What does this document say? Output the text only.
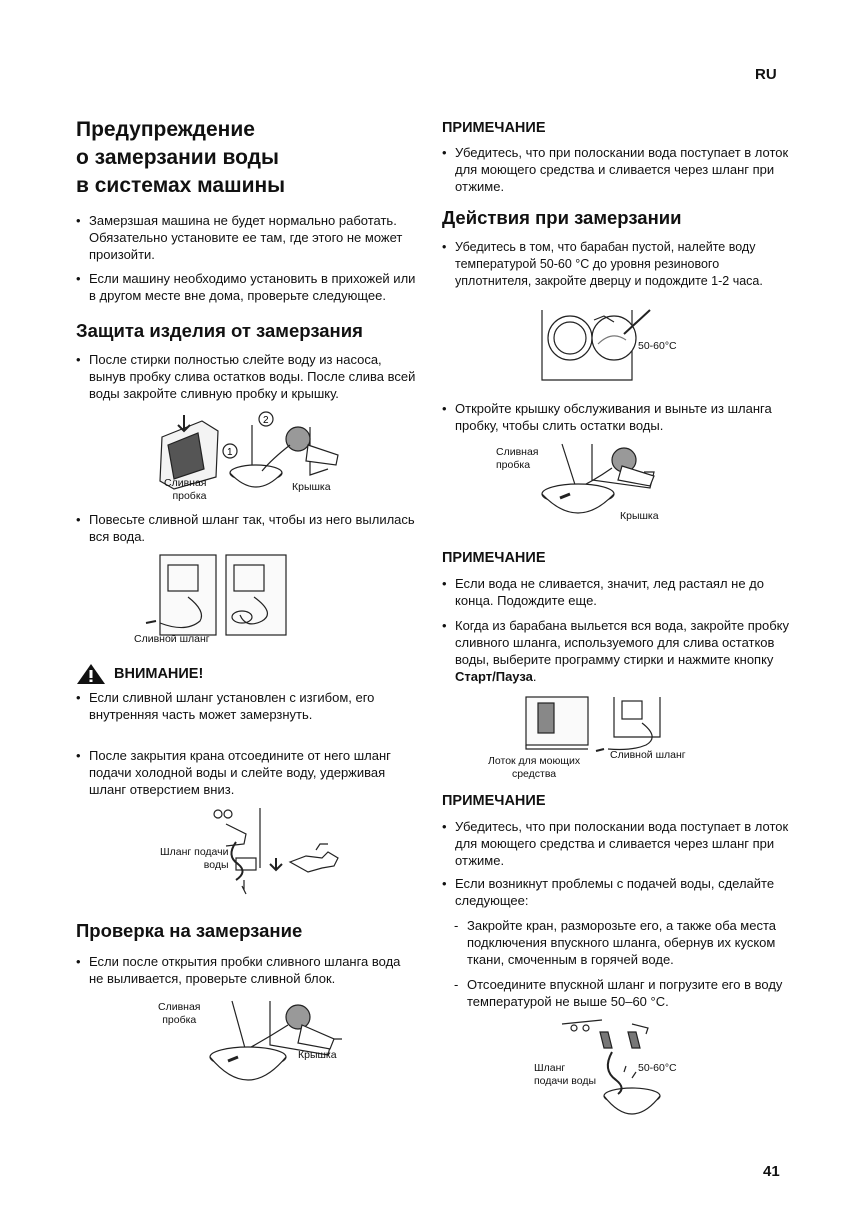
RU
Предупреждение
о замерзании воды
в системах машины

• Замерзшая машина не будет нормально работать. Обязательно установите ее там, где этого не может произойти.

• Если машину необходимо установить в прихожей или в другом месте вне дома, проверьте следующее.

Защита изделия от замерзания

• После стирки полностью слейте воду из насоса, вынув пробку слива остатков воды. После слива всей воды закройте сливную пробку и крышку.

1
2
Сливная
пробка
Крышка

• Повесьте сливной шланг так, чтобы из него вылилась вся вода.

Сливной шланг
ВНИМАНИЕ!

• Если сливной шланг установлен с изгибом, его внутренняя часть может замерзнуть.

• После закрытия крана отсоедините от него шланг подачи холодной воды и слейте воду, удерживая шланг отверстием вниз.

Шланг подачи
воды
Проверка на замерзание

• Если после открытия пробки сливного шланга вода не выливается, проверьте сливной блок.

Сливная
пробка
Крышка
ПРИМЕЧАНИЕ

• Убедитесь, что при полоскании вода поступает в лоток для моющего средства и сливается через шланг при отжиме.

Действия при замерзании

• Убедитесь в том, что барабан пустой, налейте воду температурой 50-60 °C до уровня резинового уплотнителя, закройте дверцу и подождите 1-2 часа.

50-60°C

• Откройте крышку обслуживания и выньте из шланга пробку, чтобы слить остатки воды.

Сливная
пробка
Крышка
ПРИМЕЧАНИЕ

• Если вода не сливается, значит, лед растаял не до конца. Подождите еще.

• Когда из барабана выльется вся вода, закройте пробку сливного шланга, используемого для слива остатков воды, выберите программу стирки и нажмите кнопку Старт/Пауза.

Лоток для моющих
средства
Сливной шланг
ПРИМЕЧАНИЕ

• Убедитесь, что при полоскании вода поступает в лоток для моющего средства и сливается через шланг при отжиме.

• Если возникнут проблемы с подачей воды, сделайте следующее:

- Закройте кран, разморозьте его, а также оба места подключения впускного шланга, обернув их куском ткани, смоченным в горячей воде.

- Отсоедините впускной шланг и погрузите его в воду температурой не выше 50–60 °C.

Шланг
подачи воды
50-60°C
41
